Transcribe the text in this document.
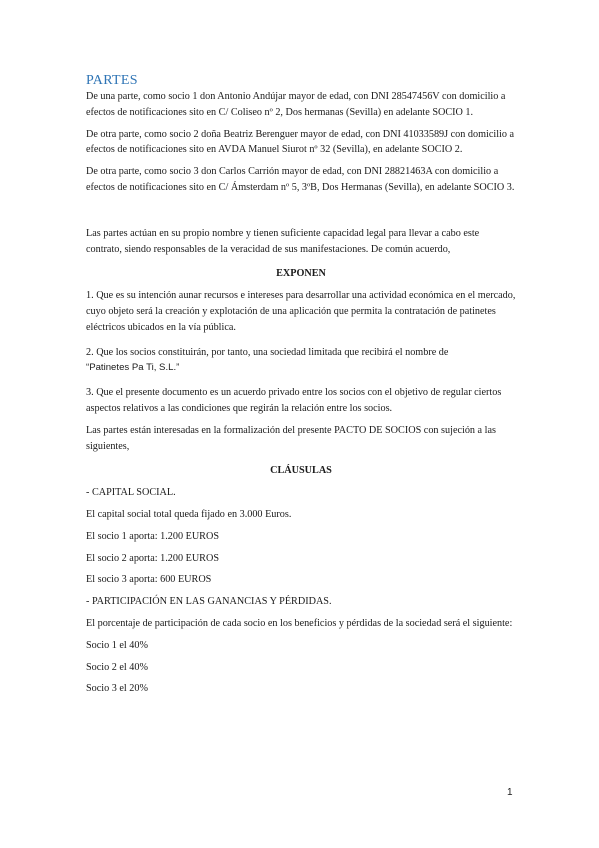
PARTES

De una parte, como socio 1 don Antonio Andújar mayor de edad, con DNI 28547456V con domicilio a efectos de notificaciones sito en C/ Coliseo nº 2, Dos hermanas (Sevilla) en adelante SOCIO 1.

De otra parte, como socio 2 doña Beatriz Berenguer mayor de edad, con DNI 41033589J con domicilio a efectos de notificaciones sito en AVDA Manuel Siurot nº 32 (Sevilla), en adelante SOCIO 2.

De otra parte, como socio 3 don Carlos Carrión mayor de edad, con DNI 28821463A con domicilio a efectos de notificaciones sito en C/ Ámsterdam nº 5, 3ºB, Dos Hermanas (Sevilla), en adelante SOCIO 3.

Las partes actúan en su propio nombre y tienen suficiente capacidad legal para llevar a cabo este contrato, siendo responsables de la veracidad de sus manifestaciones. De común acuerdo,

EXPONEN

1. Que es su intención aunar recursos e intereses para desarrollar una actividad económica en el mercado, cuyo objeto será la creación y explotación de una aplicación que permita la contratación de patinetes eléctricos ubicados en la vía pública.

2. Que los socios constituirán, por tanto, una sociedad limitada que recibirá el nombre de
“Patinetes Pa Ti, S.L.”

3. Que el presente documento es un acuerdo privado entre los socios con el objetivo de regular ciertos aspectos relativos a las condiciones que regirán la relación entre los socios.

Las partes están interesadas en la formalización del presente PACTO DE SOCIOS con sujeción a las siguientes,

CLÁUSULAS

- CAPITAL SOCIAL.

El capital social total queda fijado en 3.000 Euros.

El socio 1 aporta: 1.200 EUROS

El socio 2 aporta: 1.200 EUROS

El socio 3 aporta: 600 EUROS

- PARTICIPACIÓN EN LAS GANANCIAS Y PÉRDIDAS.

El porcentaje de participación de cada socio en los beneficios y pérdidas de la sociedad será el siguiente:

Socio 1 el 40%

Socio 2 el 40%

Socio 3 el 20%

1
